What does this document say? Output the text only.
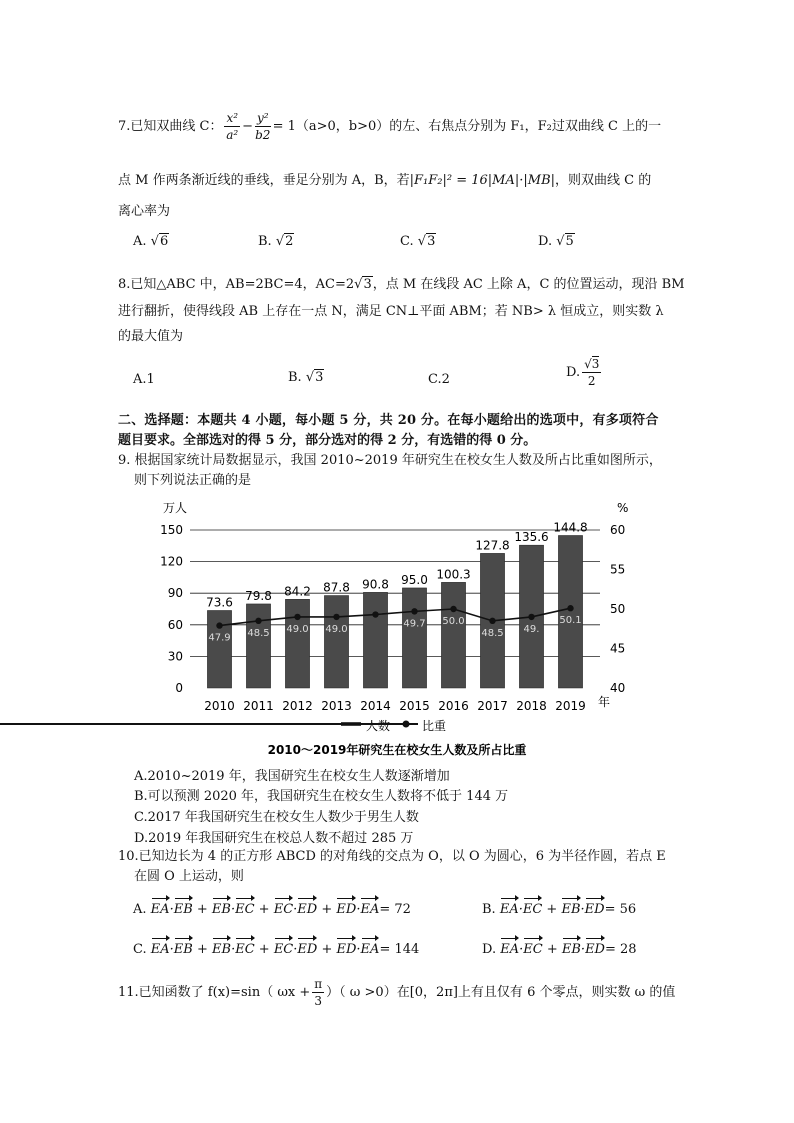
7.已知双曲线 C： $\frac{\text{x²}}{\text{a²}} - \frac{\text{y²}}{b2} = 1(a>0$，b>0）的左、右焦点分别为 F₁，F₂过双曲线 C 上的一
点 M 作两条渐近线的垂线，垂足分别为 A，B，若|F₁F₂|² = 16|MA|·|MB|，则双曲线 C 的
离心率为
A. √6	B. √2	C. √3	D. √5
8.已知△ABC 中，AB=2BC=4，AC=2√3，点 M 在线段 AC 上除 A，C 的位置运动，现沿 BM
进行翻折，使得线段 AB 上存在一点 N，满足 CN⊥平面 ABM；若 NB> λ 恒成立，则实数 λ
的最大值为
A.1	B. √3	C.2	D. $\frac{√3}{2}$
二、选择题：本题共 4 小题，每小题 5 分，共 20 分。在每小题给出的选项中，有多项符合
题目要求。全部选对的得 5 分，部分选对的得 2 分，有选错的得 0 分。
9. 根据国家统计局数据显示，我国 2010~2019 年研究生在校女生人数及所占比重如图所示，
则下列说法正确的是
万人	%
年
73.6 79.8 84.2 87.8 90.8 95.0 100.3
127.8
135.6
144.8
47.9 48.5 49.0 49.0
49.7 50.0
48.5 49.
50.1
0
30
60
90
120
150
40
45
50
55
60
2010 2011 2012 2013 2014 2015 2016 2017 2018 2019
人数	比重
2010～2019年研究生在校女生人数及所占比重
A.2010~2019 年，我国研究生在校女生人数逐渐增加
B.可以预测 2020 年，我国研究生在校女生人数将不低于 144 万
C.2017 年我国研究生在校女生人数少于男生人数
D.2019 年我国研究生在校总人数不超过 285 万
10.已知边长为 4 的正方形 ABCD 的对角线的交点为 O，以 O 为圆心，6 为半径作圆，若点 E
在圆 O 上运动，则
A. EA·EB + EB·EC + EC·ED + ED·EA= 72	B. EA·EC + EB·ED= 56
C. EA·EB + EB·EC + EC·ED + ED·EA= 144	D. EA·EC + EB·ED= 28
11.已知函数了 f(x)=sin（ $\omega x + \frac{\pi}{3}$ ）（ ω >0）在[0，2π]上有且仅有 6 个零点，则实数 ω 的值
